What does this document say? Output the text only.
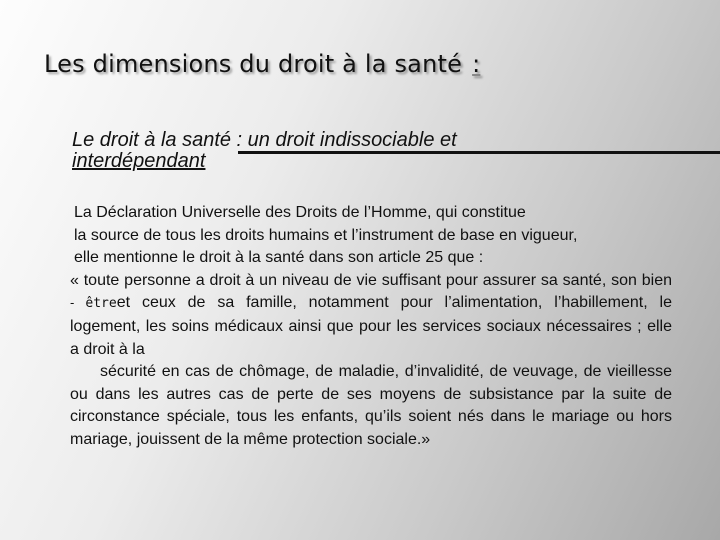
Les dimensions du droit à la santé :
Le droit à la santé : un droit indissociable et
interdépendant
La Déclaration Universelle des Droits de l’Homme, qui constitue
la source de tous les droits humains et l’instrument de base en vigueur,
elle mentionne le droit à la santé dans son article 25 que :

« toute personne a droit à un niveau de vie suffisant pour assurer sa santé, son bien - êtreet ceux de sa famille, notamment pour l’alimentation, l’habillement, le logement, les soins médicaux ainsi que pour les services sociaux nécessaires ; elle a droit à la

sécurité en cas de chômage, de maladie, d’invalidité, de veuvage, de vieillesse ou dans les autres cas de perte de ses moyens de subsistance par la suite de circonstance spéciale, tous les enfants, qu’ils soient nés dans le mariage ou hors mariage, jouissent de la même protection sociale.»
